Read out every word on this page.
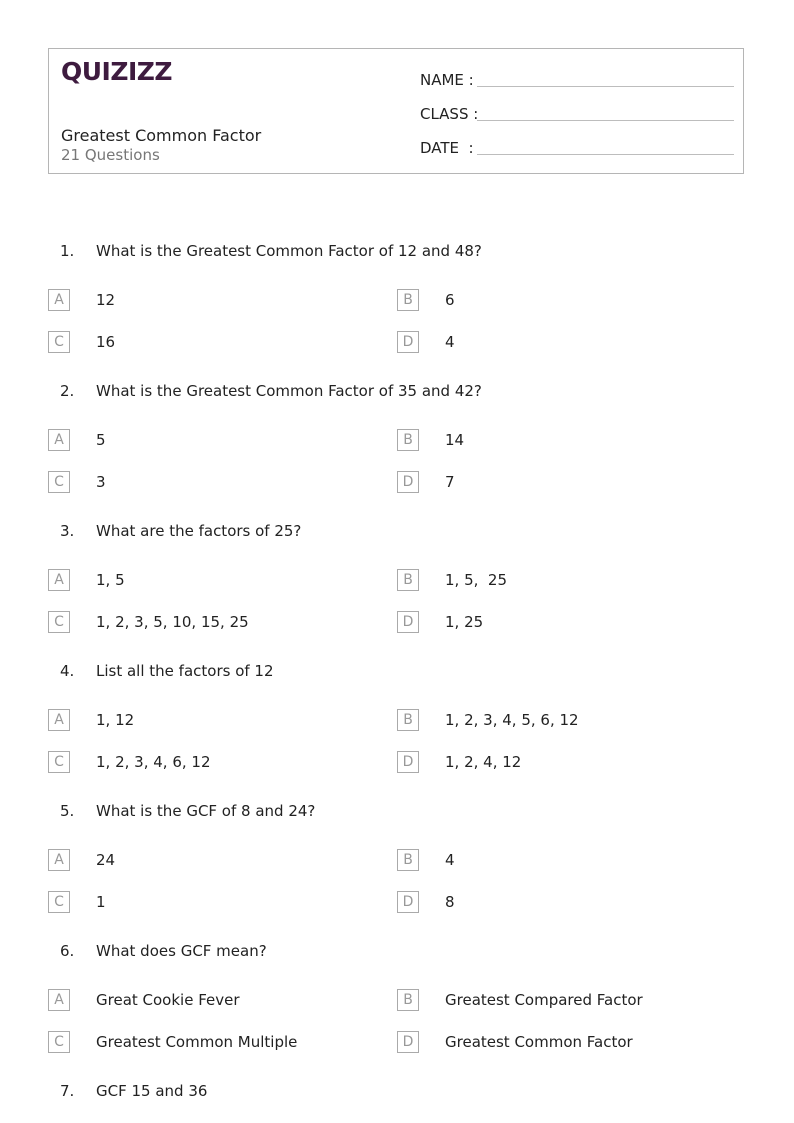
QUIZIZZ
Greatest Common Factor
21 Questions
NAME :
CLASS :
DATE  :
1. What is the Greatest Common Factor of 12 and 48?
A	12	B	6
C	16	D	4
2. What is the Greatest Common Factor of 35 and 42?
A	5	B	14
C	3	D	7
3. What are the factors of 25?
A	1, 5	B	1, 5,  25
C	1, 2, 3, 5, 10, 15, 25	D	1, 25
4. List all the factors of 12
A	1, 12	B	1, 2, 3, 4, 5, 6, 12
C	1, 2, 3, 4, 6, 12	D	1, 2, 4, 12
5. What is the GCF of 8 and 24?
A	24	B	4
C	1	D	8
6. What does GCF mean?
A	Great Cookie Fever	B	Greatest Compared Factor
C	Greatest Common Multiple	D	Greatest Common Factor
7. GCF 15 and 36
